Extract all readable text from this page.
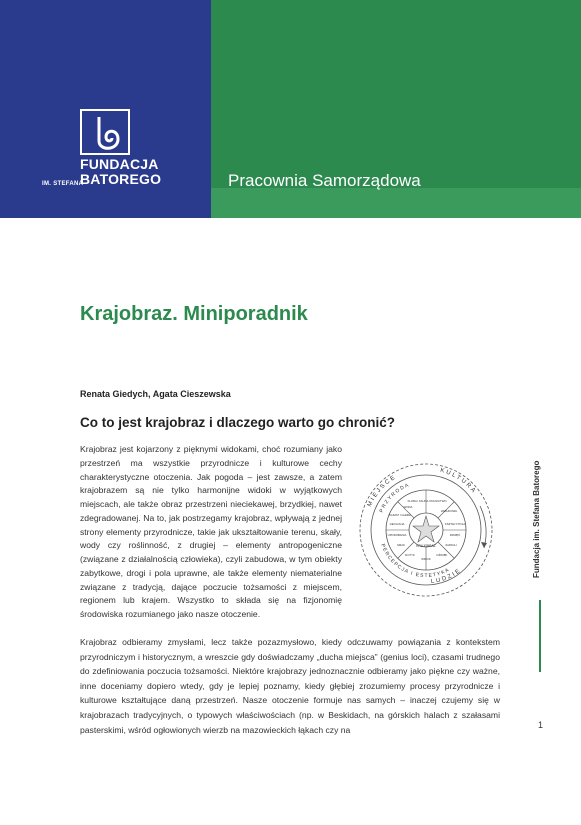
FUNDACJA
IM. STEFANA
BATOREGO	Pracownia Samorządowa
Krajobraz. Miniporadnik
Renata Giedych, Agata Cieszewska
Co to jest krajobraz i dlaczego warto go chronić?

Krajobraz jest kojarzony z pięknymi widokami, choć rozumiany jako przestrzeń ma wszystkie przyrodnicze i kulturowe cechy charakterystyczne otoczenia. Jak pogoda – jest zawsze, a zatem krajobrazem są nie tylko harmonijne widoki w wyjątkowych miejscach, ale także obraz przestrzeni nieciekawej, brzydkiej, nawet zdegradowanej. Na to, jak postrzegamy krajobraz, wpływają z jednej strony elementy przyrodnicze, takie jak ukształtowanie terenu, skały, wody czy roślinność, z drugiej – elementy antropogeniczne (związane z działalnością człowieka), czyli zabudowa, w tym obiekty zabytkowe, drogi i pola uprawne, ale także elementy niematerialne związane z tradycją, dające poczucie tożsamości z miejscem, regionem lub krajem. Wszystko to składa się na fizjonomię środowiska rozumianego jako nasze otoczenie.

KRAJOBRAZ
MIEJSCE
KULTURA
LUDZIE
PRZYRODA
PERCEPCJA I ESTETYKA
FLORA I FAUNA
WODA
KLIMAT I GLEBA
GEOLOGIA	KSZTAŁT POLA
ZABUDOWA
ROLNICTWO
PAMIĘĆ
ZAPACH
DŹWIĘK
WIDOK
DOTYK
SMAK
UPODOBANIA

Krajobraz odbieramy zmysłami, lecz także pozazmysłowo, kiedy odczuwamy powiązania z kontekstem przyrodniczym i historycznym, a wreszcie gdy doświadczamy „ducha miejsca” (genius loci), czasami trudnego do zdefiniowania poczucia tożsamości. Niektóre krajobrazy jednoznacznie odbieramy jako piękne czy ważne, inne doceniamy dopiero wtedy, gdy je lepiej poznamy, kiedy głębiej zrozumiemy procesy przyrodnicze i kulturowe kształtujące daną przestrzeń. Nasze otoczenie formuje nas samych – inaczej czujemy się w krajobrazach tradycyjnych, o typowych właściwościach (np. w Beskidach, na górskich halach z szałasami pasterskimi, wśród ogłowionych wierzb na mazowieckich łąkach czy na

Fundacja im. Stefana Batorego
1
